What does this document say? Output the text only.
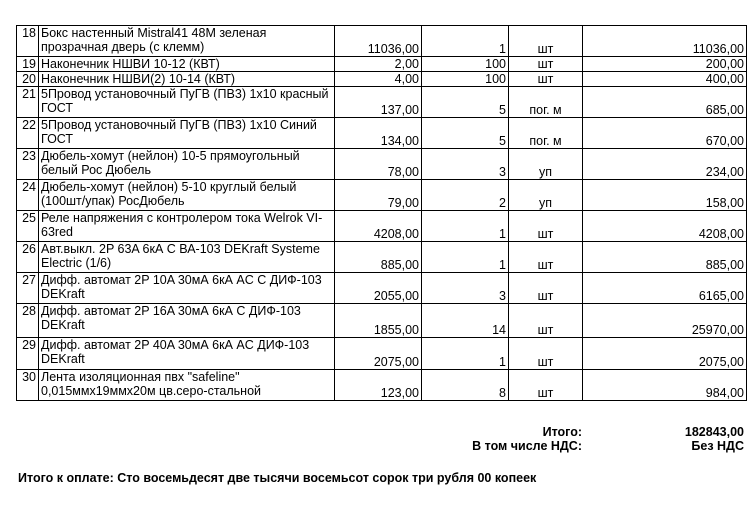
18	Бокс настенный Mistral41 48М зеленая прозрачная дверь (с клемм)	11036,00	1	шт	11036,00
19	Наконечник НШВИ 10-12 (КВТ)	2,00	100	шт	200,00
20	Наконечник НШВИ(2) 10-14 (КВТ)	4,00	100	шт	400,00
21	5Провод установочный ПуГВ (ПВ3) 1х10 красный ГОСТ	137,00	5	пог. м	685,00
22	5Провод установочный ПуГВ (ПВ3) 1х10 Синий ГОСТ	134,00	5	пог. м	670,00
23	Дюбель-хомут (нейлон) 10-5 прямоугольный белый Рос Дюбель	78,00	3	уп	234,00
24	Дюбель-хомут (нейлон) 5-10 круглый белый (100шт/упак) РосДюбель	79,00	2	уп	158,00
25	Реле напряжения с контролером тока Welrok VI-63red	4208,00	1	шт	4208,00
26	Авт.выкл. 2P 63A 6кА C ВА-103 DEKraft Systeme Electric (1/6)	885,00	1	шт	885,00
27	Дифф. автомат 2P 10A 30мА 6кА AC С ДИФ-103 DEKraft	2055,00	3	шт	6165,00
28	Дифф. автомат 2P 16A 30мА 6кА С ДИФ-103 DEKraft	1855,00	14	шт	25970,00
29	Дифф. автомат 2P 40A 30мА 6кА AC ДИФ-103 DEKraft	2075,00	1	шт	2075,00
30	Лента изоляционная пвх "safeline" 0,015ммх19ммх20м цв.серо-стальной	123,00	8	шт	984,00
Итого:	182843,00
В том числе НДС:	Без НДС
Итого к оплате: Сто восемьдесят две тысячи восемьсот сорок три рубля 00 копеек
